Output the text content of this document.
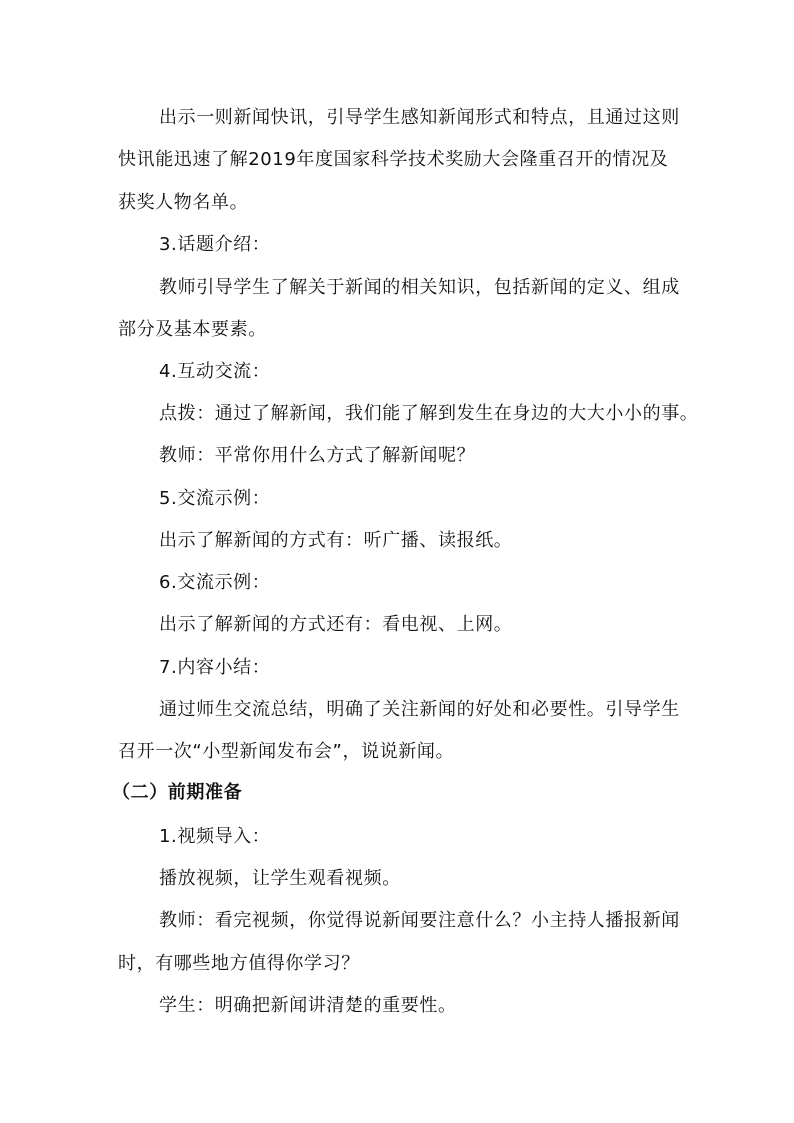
出示一则新闻快讯，引导学生感知新闻形式和特点，且通过这则
快讯能迅速了解2019年度国家科学技术奖励大会隆重召开的情况及
获奖人物名单。
3.话题介绍：
教师引导学生了解关于新闻的相关知识，包括新闻的定义、组成
部分及基本要素。
4.互动交流：
点拨：通过了解新闻，我们能了解到发生在身边的大大小小的事。
教师：平常你用什么方式了解新闻呢？
5.交流示例：
出示了解新闻的方式有：听广播、读报纸。
6.交流示例：
出示了解新闻的方式还有：看电视、上网。
7.内容小结：
通过师生交流总结，明确了关注新闻的好处和必要性。引导学生
召开一次“小型新闻发布会”，说说新闻。
（二）前期准备
1.视频导入：
播放视频，让学生观看视频。
教师：看完视频，你觉得说新闻要注意什么？小主持人播报新闻
时，有哪些地方值得你学习？
学生：明确把新闻讲清楚的重要性。
